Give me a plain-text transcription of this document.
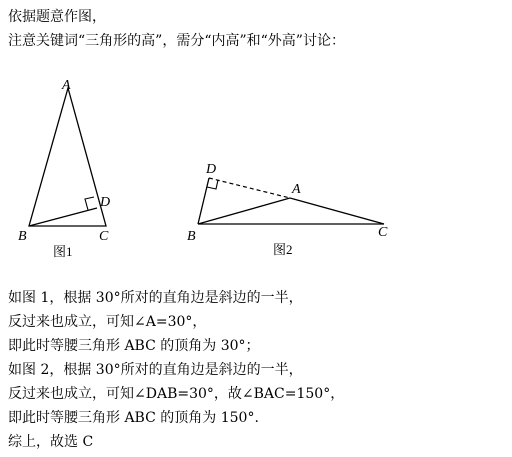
依据题意作图，
注意关键词“三角形的高”，需分“内高”和“外高”讨论：
A
D
B	C
图1
D
A
B	C
图2
如图 1，根据 30°所对的直角边是斜边的一半，
反过来也成立，可知∠A=30°，
即此时等腰三角形 ABC 的顶角为 30°；
如图 2，根据 30°所对的直角边是斜边的一半，
反过来也成立，可知∠DAB=30°，故∠BAC=150°，
即此时等腰三角形 ABC 的顶角为 150°.
综上，故选 C
